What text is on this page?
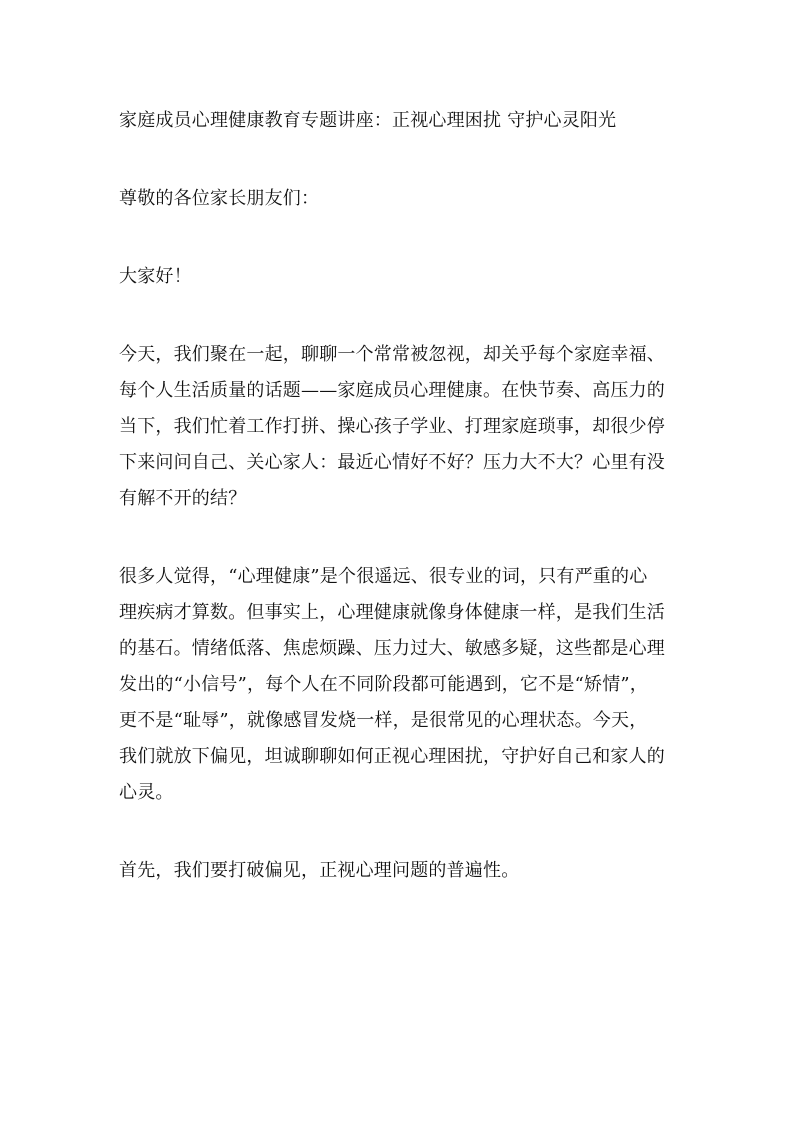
家庭成员心理健康教育专题讲座：正视心理困扰 守护心灵阳光
尊敬的各位家长朋友们：
大家好！
今天，我们聚在一起，聊聊一个常常被忽视，却关乎每个家庭幸福、
每个人生活质量的话题——家庭成员心理健康。在快节奏、高压力的
当下，我们忙着工作打拼、操心孩子学业、打理家庭琐事，却很少停
下来问问自己、关心家人：最近心情好不好？压力大不大？心里有没
有解不开的结？
很多人觉得，“心理健康”是个很遥远、很专业的词，只有严重的心
理疾病才算数。但事实上，心理健康就像身体健康一样，是我们生活
的基石。情绪低落、焦虑烦躁、压力过大、敏感多疑，这些都是心理
发出的“小信号”，每个人在不同阶段都可能遇到，它不是“矫情”，
更不是“耻辱”，就像感冒发烧一样，是很常见的心理状态。今天，
我们就放下偏见，坦诚聊聊如何正视心理困扰，守护好自己和家人的
心灵。
首先，我们要打破偏见，正视心理问题的普遍性。
